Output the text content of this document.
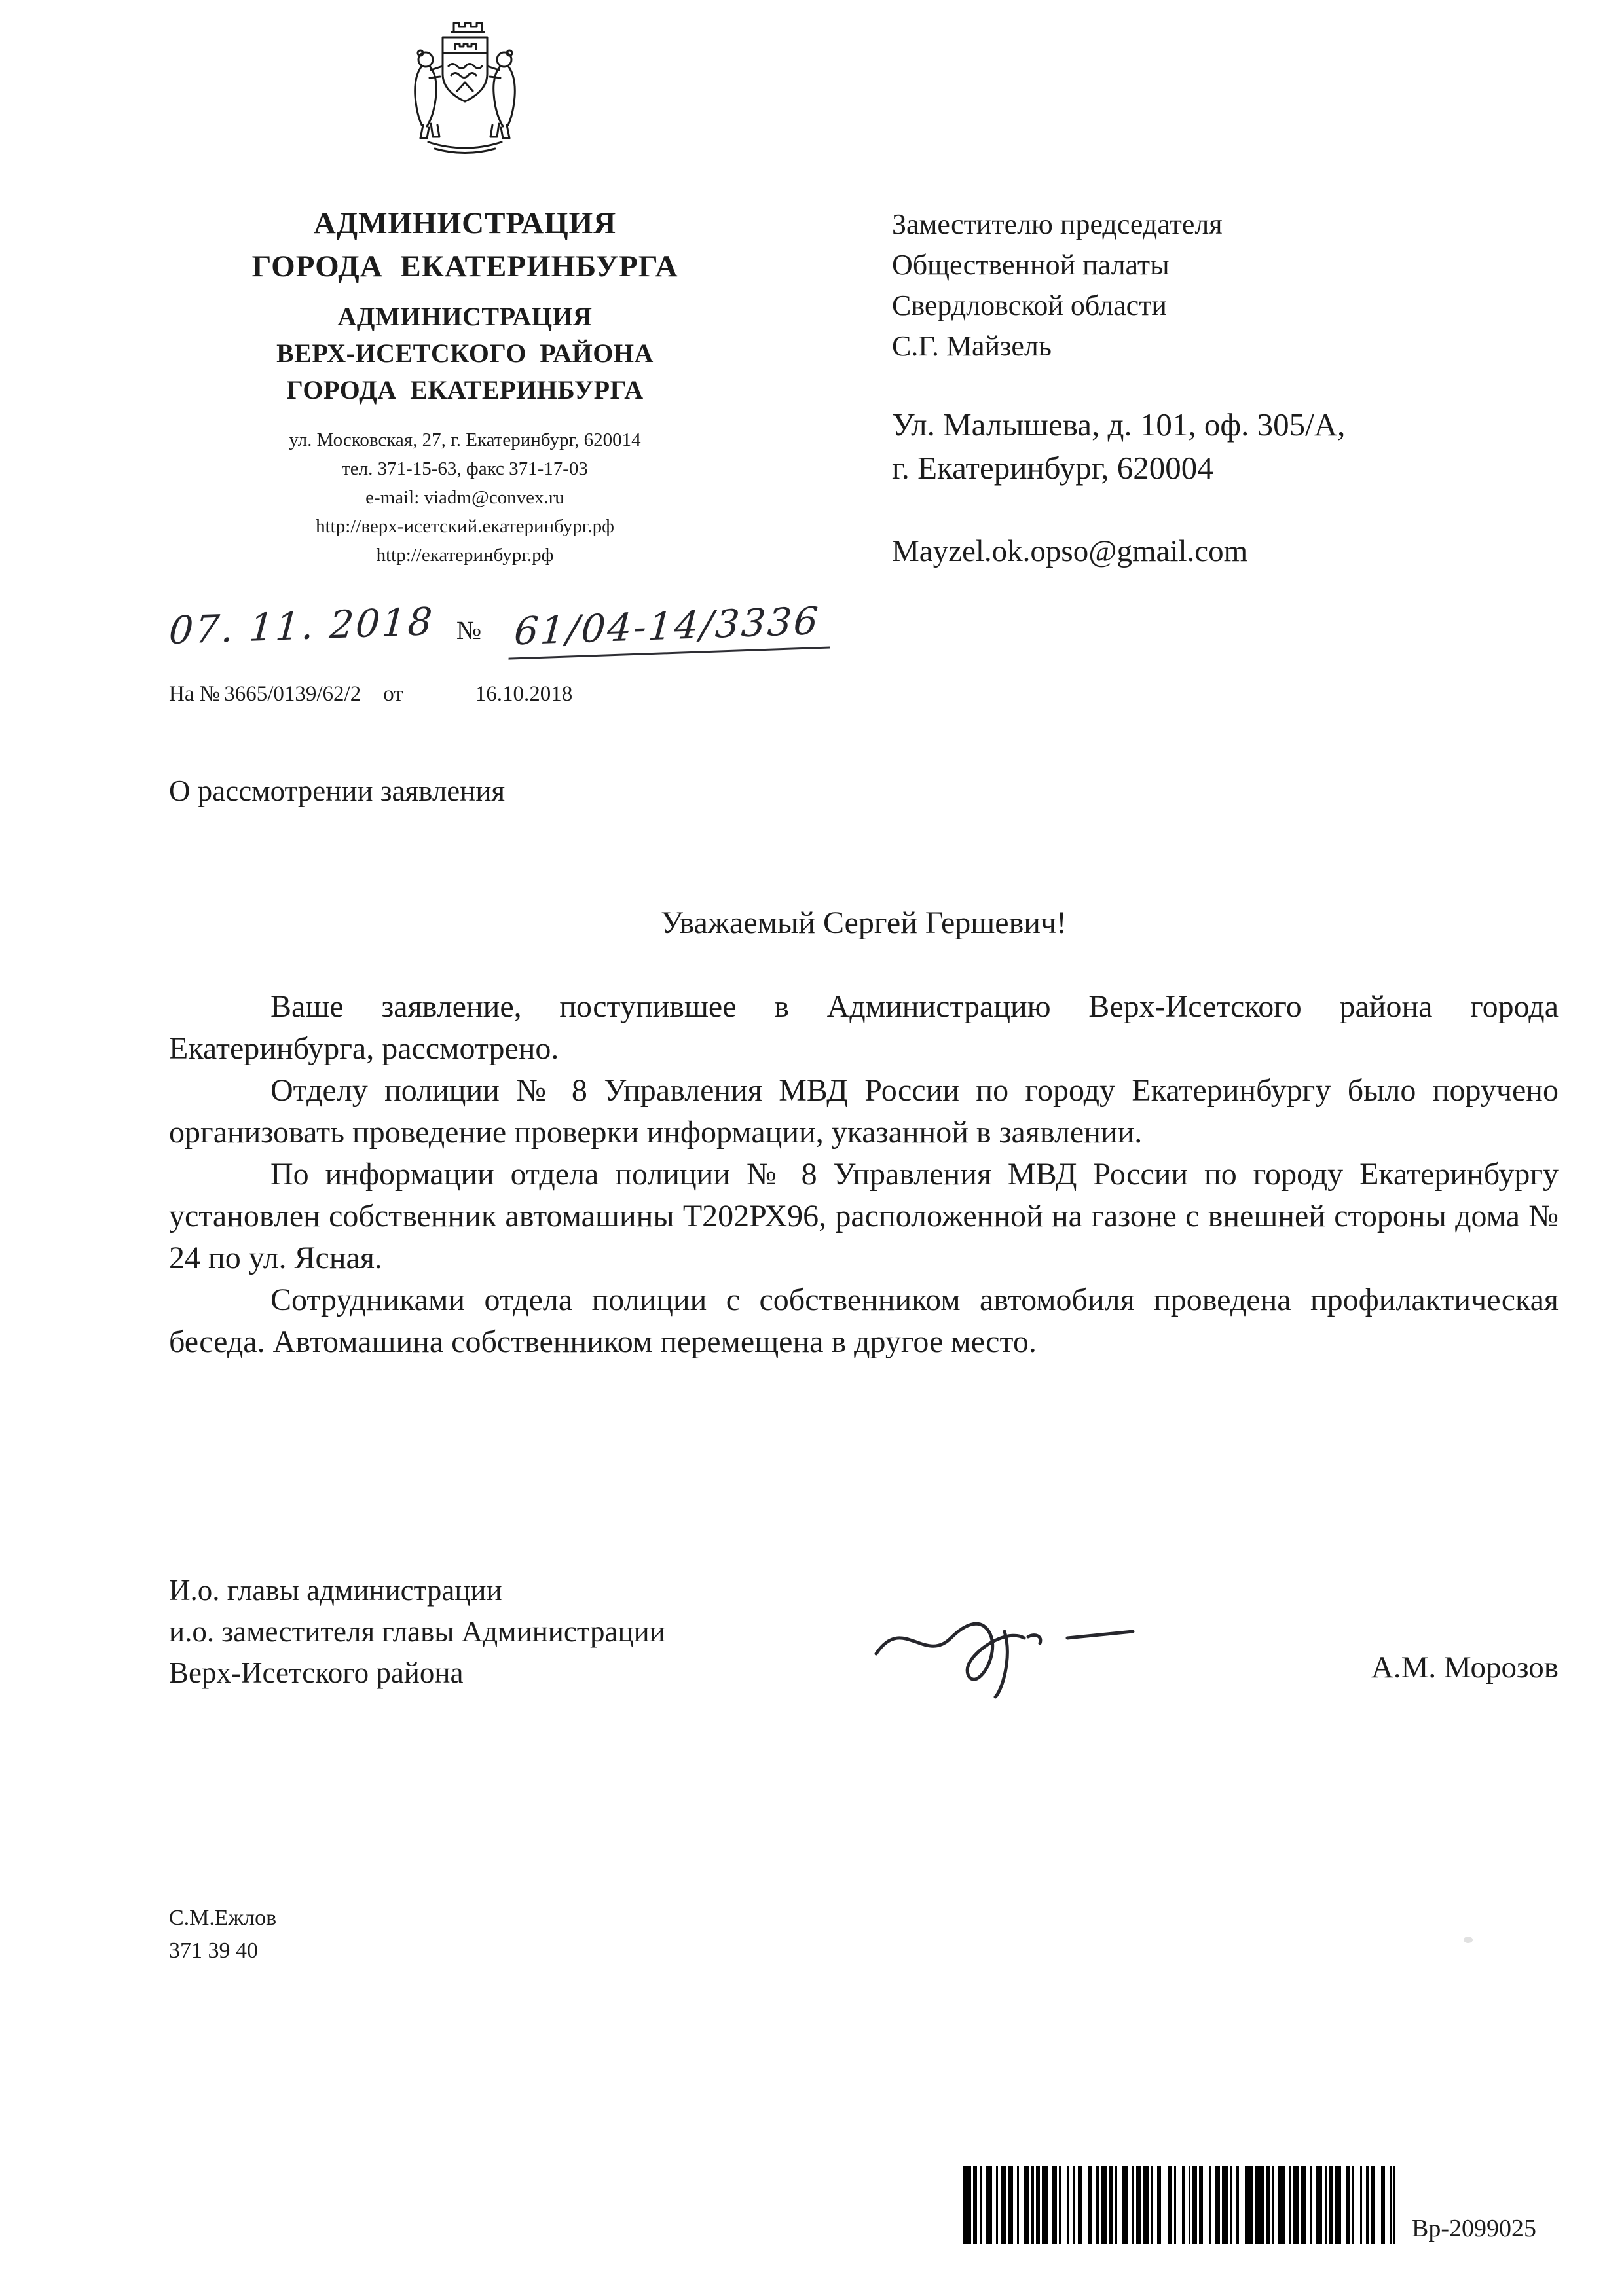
АДМИНИСТРАЦИЯ
ГОРОДА ЕКАТЕРИНБУРГА
АДМИНИСТРАЦИЯ
ВЕРХ-ИСЕТСКОГО РАЙОНА
ГОРОДА ЕКАТЕРИНБУРГА
ул. Московская, 27, г. Екатеринбург, 620014
тел. 371-15-63, факс 371-17-03
e-mail: viadm@convex.ru
http://верх-исетский.екатеринбург.рф
http://екатеринбург.рф
Заместителю председателя
Общественной палаты
Свердловской области
С.Г. Майзель
Ул. Малышева, д. 101, оф. 305/А,
г. Екатеринбург, 620004
Mayzel.ok.opso@gmail.com
07. 11. 2018 № 61/04-14/3336
На № 3665/0139/62/2 от	16.10.2018
О рассмотрении заявления
Уважаемый Сергей Гершевич!

Ваше заявление, поступившее в Администрацию Верх-Исетского района города Екатеринбурга, рассмотрено.

Отделу полиции № 8 Управления МВД России по городу Екатеринбургу было поручено организовать проведение проверки информации, указанной в заявлении.

По информации отдела полиции № 8 Управления МВД России по городу Екатеринбургу установлен собственник автомашины Т202РХ96, расположенной на газоне с внешней стороны дома № 24 по ул. Ясная.

Сотрудниками отдела полиции с собственником автомобиля проведена профилактическая беседа. Автомашина собственником перемещена в другое место.

И.о. главы администрации
и.о. заместителя главы Администрации
Верх-Исетского района	А.М. Морозов
С.М.Ежлов
371 39 40
Вр-2099025
